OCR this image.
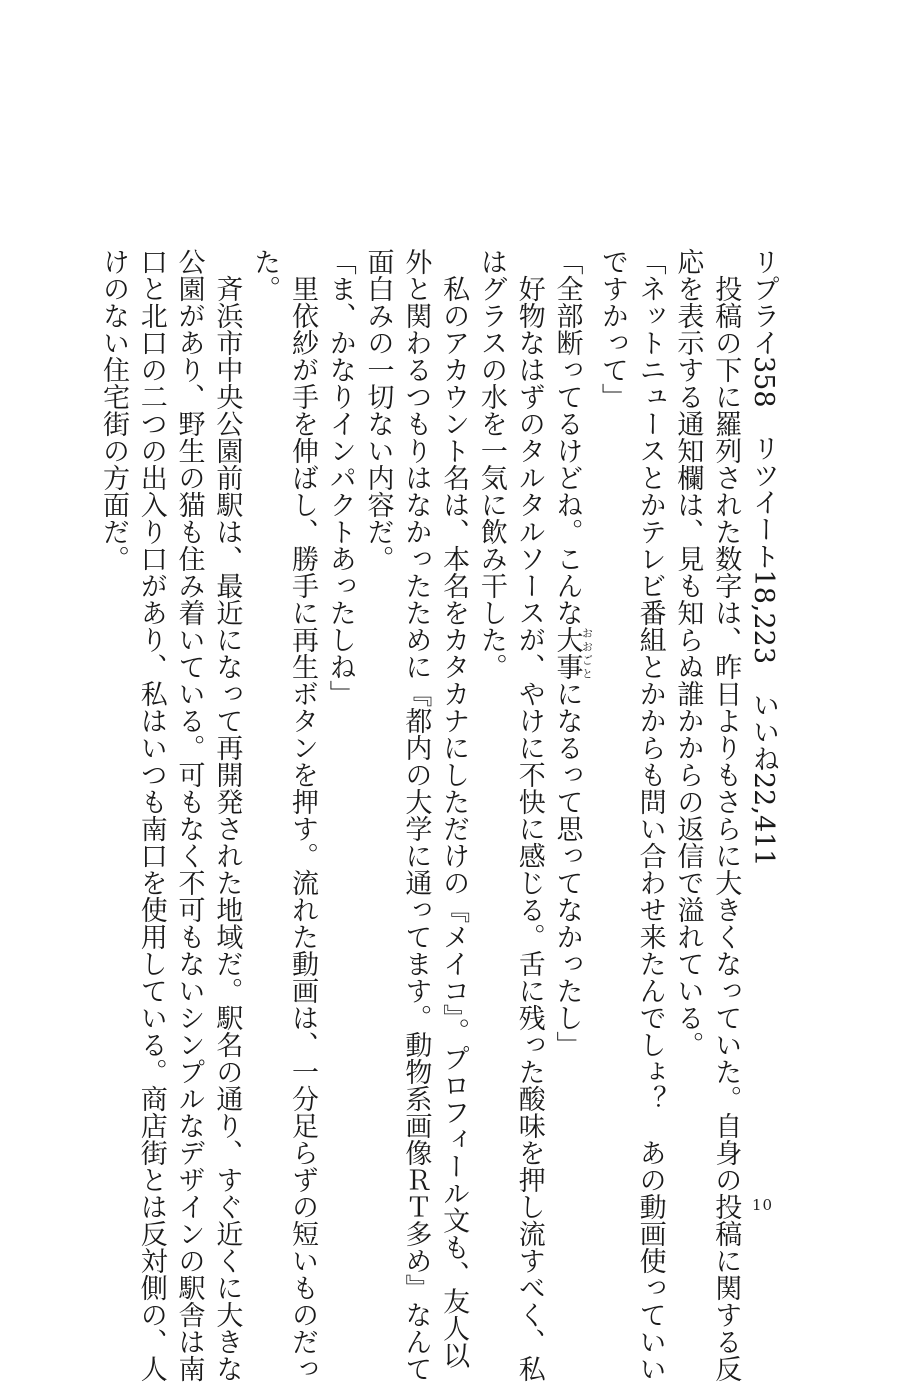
リプライ358　リツイート18,223　いいね22,411

投稿の下に羅列された数字は、昨日よりもさらに大きくなっていた。自身の投稿に関する反

応を表示する通知欄は、見も知らぬ誰かからの返信で溢れている。

「ネットニュースとかテレビ番組とかからも問い合わせ来たんでしょ？　あの動画使っていい

ですかって」

「全部断ってるけどね。こんな大事おおごとになるって思ってなかったし」

好物なはずのタルタルソースが、やけに不快に感じる。舌に残った酸味を押し流すべく、私

はグラスの水を一気に飲み干した。

私のアカウント名は、本名をカタカナにしただけの『メイコ』。プロフィール文も、友人以

外と関わるつもりはなかったために『都内の大学に通ってます。動物系画像ＲＴ多め』なんて

面白みの一切ない内容だ。

「ま、かなりインパクトあったしね」

里依紗が手を伸ばし、勝手に再生ボタンを押す。流れた動画は、一分足らずの短いものだっ

た。

斉浜市中央公園前駅は、最近になって再開発された地域だ。駅名の通り、すぐ近くに大きな

公園があり、野生の猫も住み着いている。可もなく不可もないシンプルなデザインの駅舎は南

口と北口の二つの出入り口があり、私はいつも南口を使用している。商店街とは反対側の、人

けのない住宅街の方面だ。

10
